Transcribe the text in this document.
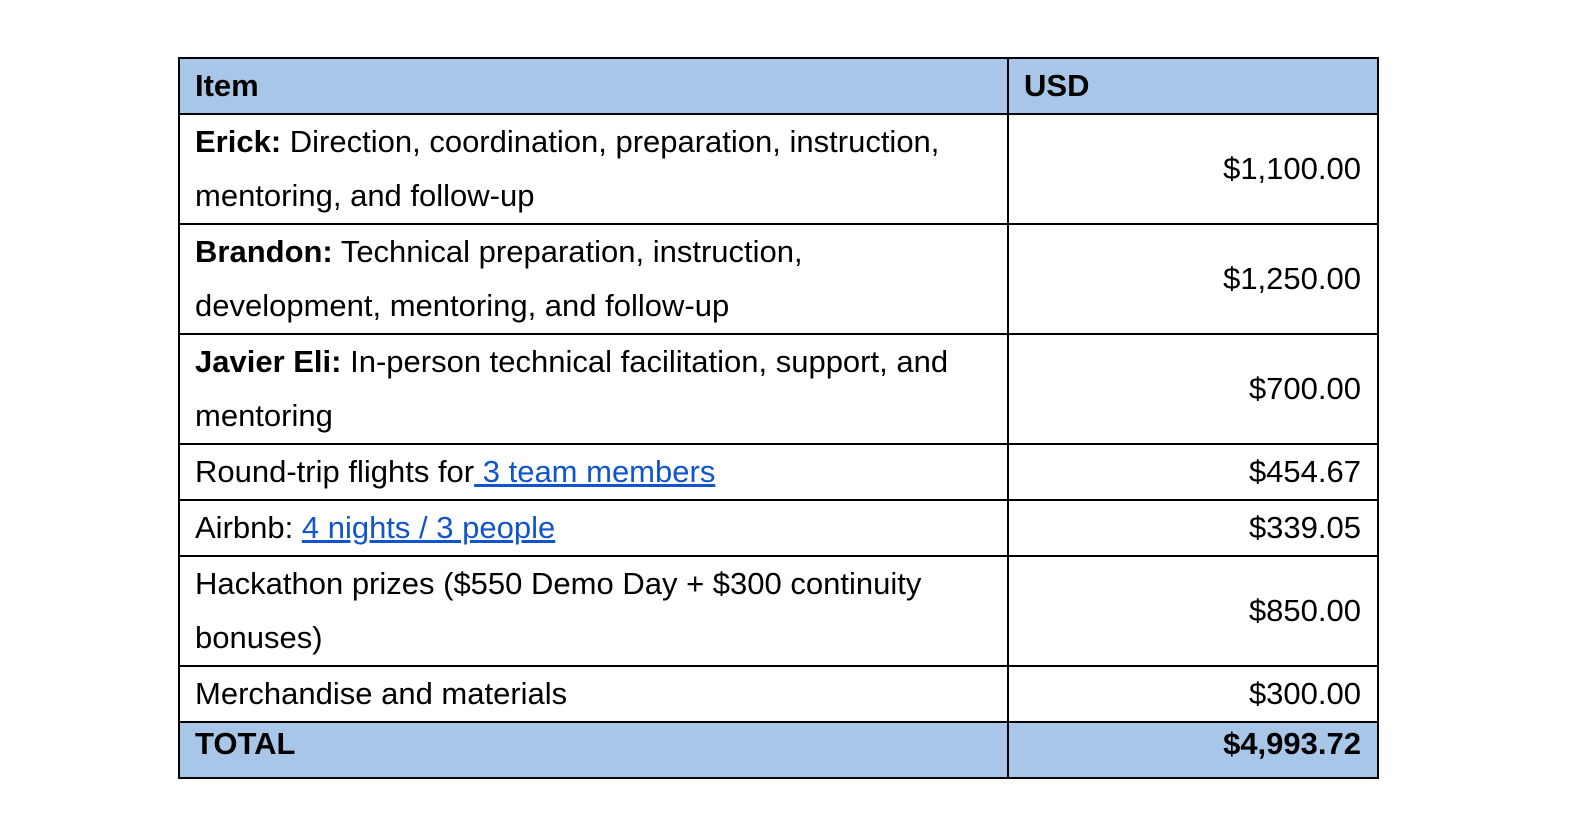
Item	USD
Erick: Direction, coordination, preparation, instruction, mentoring, and follow-up	$1,100.00
Brandon: Technical preparation, instruction, development, mentoring, and follow-up	$1,250.00
Javier Eli: In-person technical facilitation, support, and mentoring	$700.00
Round-trip flights for 3 team members	$454.67
Airbnb: 4 nights / 3 people	$339.05
Hackathon prizes ($550 Demo Day + $300 continuity bonuses)	$850.00
Merchandise and materials	$300.00
TOTAL	$4,993.72
